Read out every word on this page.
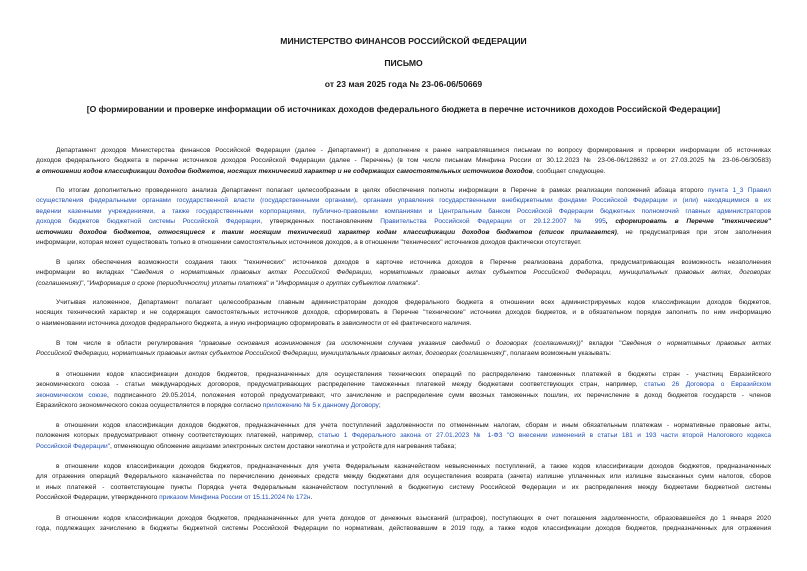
МИНИСТЕРСТВО ФИНАНСОВ РОССИЙСКОЙ ФЕДЕРАЦИИ
ПИСЬМО
от 23 мая 2025 года № 23-06-06/50669
[О формировании и проверке информации об источниках доходов федерального бюджета в перечне источников доходов Российской Федерации]
Департамент доходов Министерства финансов Российской Федерации (далее - Департамент) в дополнение к ранее направлявшимся письмам по вопросу формирования и проверки информации об источниках
доходов федерального бюджета в перечне источников доходов Российской Федерации (далее - Перечень) (в том числе письмам Минфина России от 30.12.2023 № 23-06-06/128632 и от 27.03.2025 № 23-06-06/30583)
в отношении кодов классификации доходов бюджетов, носящих технический характер и не содержащих самостоятельных источников доходов, сообщает следующее.
По итогам дополнительно проведенного анализа Департамент полагает целесообразным в целях обеспечения полноты информации в Перечне в рамках реализации положений абзаца второго пункта 1_3 Правил
осуществления федеральными органами государственной власти (государственными органами), органами управления государственными внебюджетными фондами Российской Федерации и (или) находящимися в их
ведении казенными учреждениями, а также государственными корпорациями, публично-правовыми компаниями и Центральным банком Российской Федерации бюджетных полномочий главных администраторов
доходов бюджетов бюджетной системы Российской Федерации, утвержденных постановлением Правительства Российской Федерации от 29.12.2007 № 995, сформировать в Перечне "технические"
источники доходов бюджетов, относящиеся к таким носящим технический характер кодам классификации доходов бюджетов (список прилагается), не предусматривая при этом заполнения
информации, которая может существовать только в отношении самостоятельных источников доходов, а в отношении "технических" источников доходов фактически отсутствует.
В целях обеспечения возможности создания таких "технических" источников доходов в карточке источника доходов в Перечне реализована доработка, предусматривающая возможность незаполнения
информации во вкладках "Сведения о нормативных правовых актах Российской Федерации, нормативных правовых актах субъектов Российской Федерации, муниципальных правовых актах, договорах
(соглашениях)", "Информация о сроке (периодичности) уплаты платежа" и "Информация о группах субъектов платежа".
Учитывая изложенное, Департамент полагает целесообразным главным администраторам доходов федерального бюджета в отношении всех администрируемых кодов классификации доходов бюджетов,
носящих технический характер и не содержащих самостоятельных источников доходов, сформировать в Перечне "технические" источники доходов бюджетов, и в обязательном порядке заполнить по ним информацию
о наименовании источника доходов федерального бюджета, а иную информацию сформировать в зависимости от её фактического наличия.
В том числе в области регулирования "правовые основания возникновения (за исключением случаев указания сведений о договорах (соглашениях))" вкладки "Сведения о нормативных правовых актах
Российской Федерации, нормативных правовых актах субъектов Российской Федерации, муниципальных правовых актах, договорах (соглашениях)", полагаем возможным указывать:
в отношении кодов классификации доходов бюджетов, предназначенных для осуществления технических операций по распределению таможенных платежей в бюджеты стран - участниц Евразийского
экономического союза - статьи международных договоров, предусматривающих распределение таможенных платежей между бюджетами соответствующих стран, например, статью 26 Договора о Евразийском
экономическом союзе, подписанного 29.05.2014, положения которой предусматривают, что зачисление и распределение сумм ввозных таможенных пошлин, их перечисление в доход бюджетов государств - членов
Евразийского экономического союза осуществляется в порядке согласно приложению № 5 к данному Договору;
в отношении кодов классификации доходов бюджетов, предназначенных для учета поступлений задолженности по отмененным налогам, сборам и иным обязательным платежам - нормативные правовые акты,
положения которых предусматривают отмену соответствующих платежей, например, статью 1 Федерального закона от 27.01.2023 № 1-ФЗ "О внесении изменений в статьи 181 и 193 части второй Налогового кодекса
Российской Федерации", отменяющую обложение акцизами электронных систем доставки никотина и устройств для нагревания табака;
в отношении кодов классификации доходов бюджетов, предназначенных для учета Федеральным казначейством невыясненных поступлений, а также кодов классификации доходов бюджетов, предназначенных
для отражения операций Федерального казначейства по перечислению денежных средств между бюджетами для осуществления возврата (зачета) излишне уплаченных или излишне взысканных сумм налогов, сборов
и иных платежей - соответствующие пункты Порядка учета Федеральным казначейством поступлений в бюджетную систему Российской Федерации и их распределения между бюджетами бюджетной системы
Российской Федерации, утвержденного приказом Минфина России от 15.11.2024 № 172н.
В отношении кодов классификации доходов бюджетов, предназначенных для учета доходов от денежных взысканий (штрафов), поступающих в счет погашения задолженности, образовавшейся до 1 января 2020
года, подлежащих зачислению в бюджеты бюджетной системы Российской Федерации по нормативам, действовавшим в 2019 году, а также кодов классификации доходов бюджетов, предназначенных для отражения
